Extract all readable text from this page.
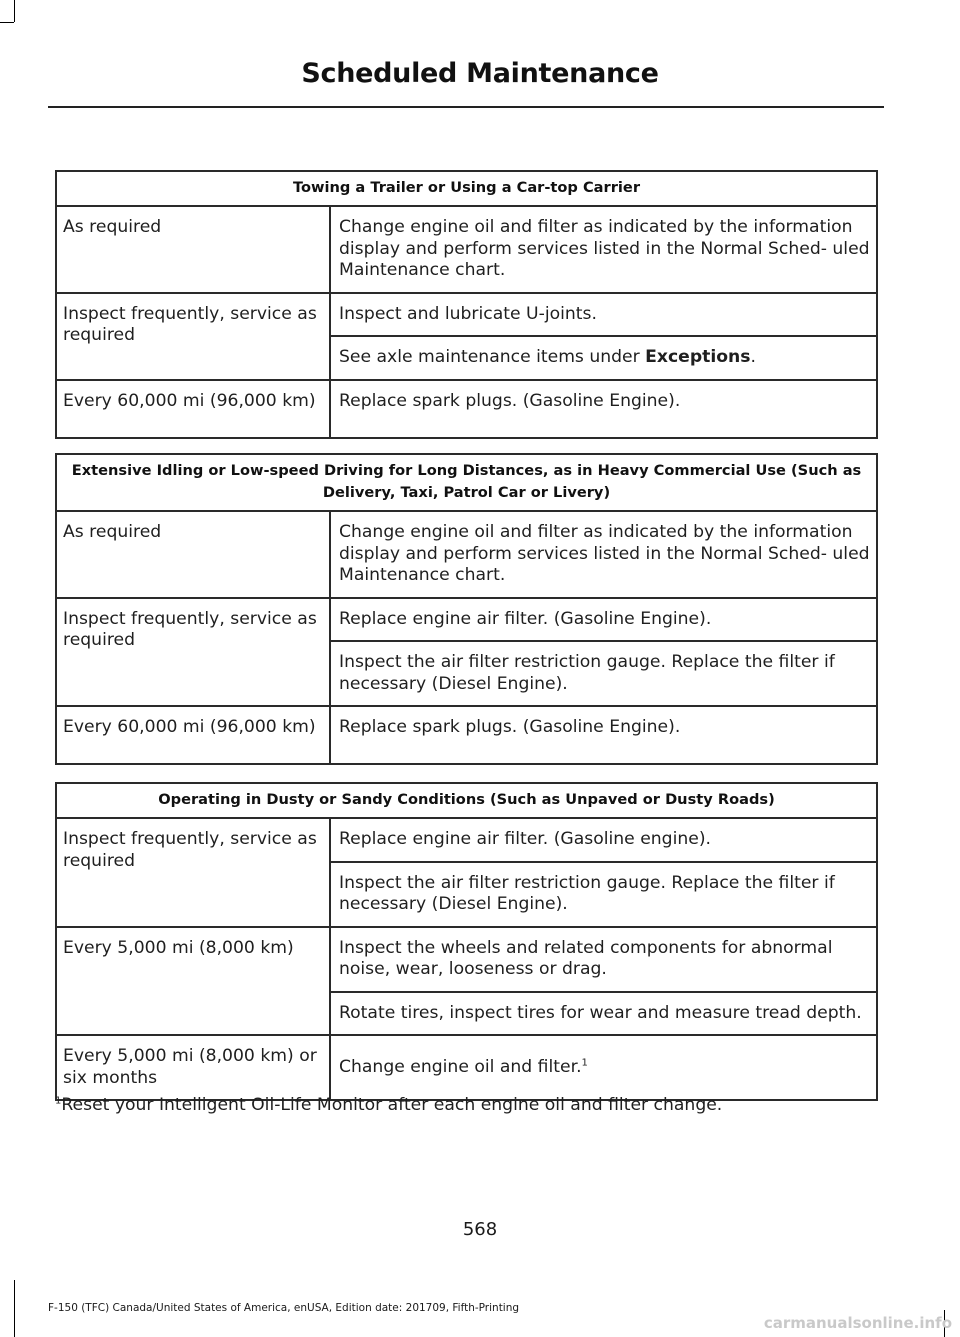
Scheduled Maintenance
Towing a Trailer or Using a Car-top Carrier	
As required	Change engine oil and filter as indicated by the information display and perform services listed in the Normal Sched- uled Maintenance chart.
Inspect frequently, service as required	Inspect and lubricate U-joints.
	See axle maintenance items under Exceptions.
Every 60,000 mi (96,000 km)	Replace spark plugs. (Gasoline Engine).
Extensive Idling or Low-speed Driving for Long Distances, as in Heavy Commercial Use (Such as Delivery, Taxi, Patrol Car or Livery)	
As required	Change engine oil and filter as indicated by the information display and perform services listed in the Normal Sched- uled Maintenance chart.
Inspect frequently, service as required	Replace engine air filter. (Gasoline Engine).
	Inspect the air filter restriction gauge. Replace the filter if necessary (Diesel Engine).
Every 60,000 mi (96,000 km)	Replace spark plugs. (Gasoline Engine).
Operating in Dusty or Sandy Conditions (Such as Unpaved or Dusty Roads)	
Inspect frequently, service as required	Replace engine air filter. (Gasoline engine).
	Inspect the air filter restriction gauge. Replace the filter if necessary (Diesel Engine).
Every 5,000 mi (8,000 km)	Inspect the wheels and related components for abnormal noise, wear, looseness or drag.
	Rotate tires, inspect tires for wear and measure tread depth.
Every 5,000 mi (8,000 km) or six months	Change engine oil and filter.$^1$
$^1$Reset your Intelligent Oil-Life Monitor after each engine oil and filter change.
568
F-150 (TFC) Canada/United States of America, enUSA, Edition date: 201709, Fifth-Printing
carmanualsonline.info
